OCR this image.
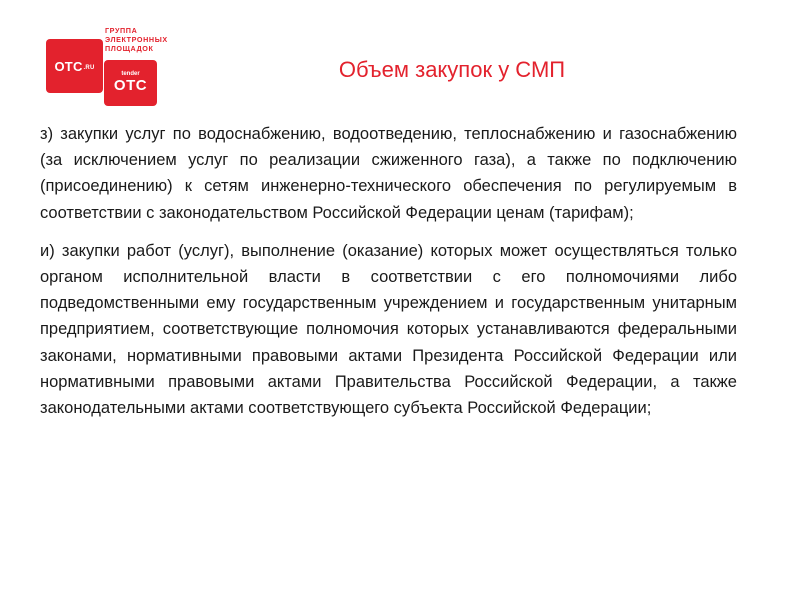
OTC .RU
ГРУППА
ЭЛЕКТРОННЫХ
ПЛОЩАДОК
tender
OTC
Объем закупок у СМП

з) закупки услуг по водоснабжению, водоотведению, теплоснабжению и газоснабжению (за исключением услуг по реализации сжиженного газа), а также по подключению (присоединению) к сетям инженерно-технического обеспечения по регулируемым в соответствии с законодательством Российской Федерации ценам (тарифам);

и) закупки работ (услуг), выполнение (оказание) которых может осуществляться только органом исполнительной власти в соответствии с его полномочиями либо подведомственными ему государственным учреждением и государственным унитарным предприятием, соответствующие полномочия которых устанавливаются федеральными законами, нормативными правовыми актами Президента Российской Федерации или нормативными правовыми актами Правительства Российской Федерации, а также законодательными актами соответствующего субъекта Российской Федерации;
